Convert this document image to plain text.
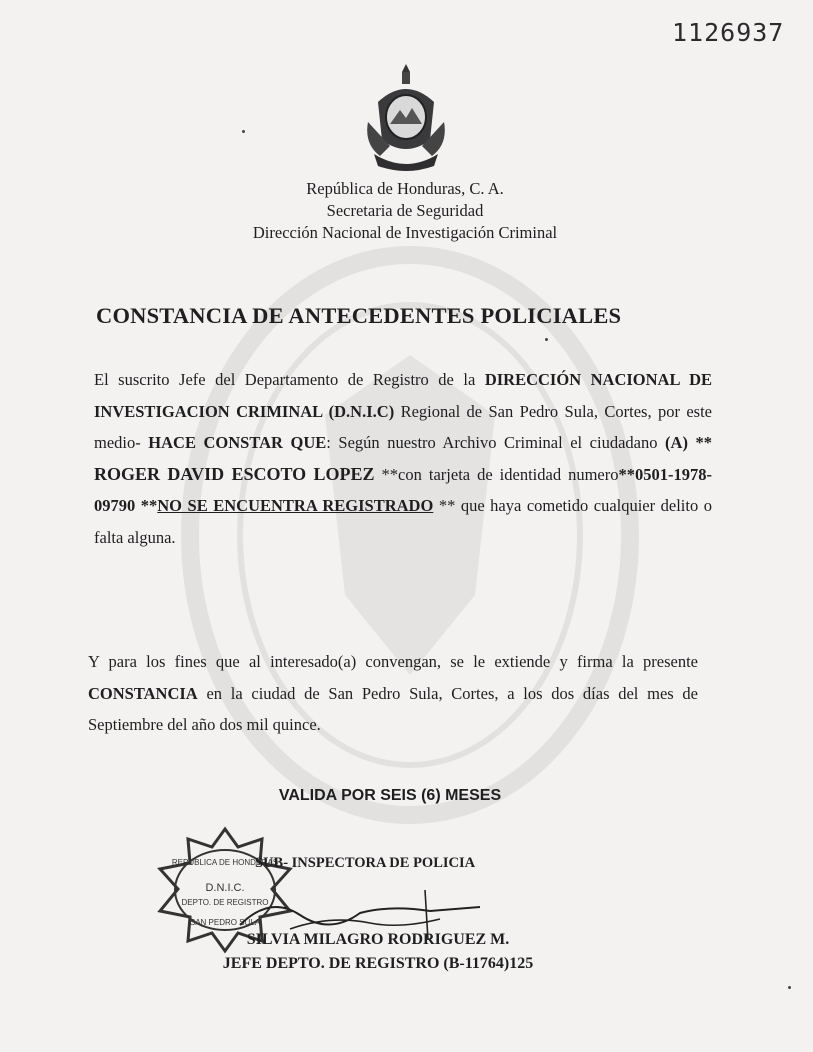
1126937
República de Honduras, C. A.
Secretaria de Seguridad
Dirección Nacional de Investigación Criminal
CONSTANCIA DE ANTECEDENTES POLICIALES
El suscrito Jefe del Departamento de Registro de la DIRECCIÓN NACIONAL DE INVESTIGACION CRIMINAL (D.N.I.C) Regional de San Pedro Sula, Cortes, por este medio- HACE CONSTAR QUE: Según nuestro Archivo Criminal el ciudadano (A) ** ROGER DAVID ESCOTO LOPEZ **con tarjeta de identidad numero**0501-1978-09790 **NO SE ENCUENTRA REGISTRADO ** que haya cometido cualquier delito o falta alguna.
Y para los fines que al interesado(a) convengan, se le extiende y firma la presente CONSTANCIA en la ciudad de San Pedro Sula, Cortes, a los dos días del mes de Septiembre del año dos mil quince.
VALIDA POR SEIS (6) MESES
REPUBLICA DE HONDURAS
D.N.I.C.
DEPTO. DE REGISTRO
SAN PEDRO SULA
SUB- INSPECTORA DE POLICIA
SILVIA MILAGRO RODRIGUEZ M.
JEFE DEPTO. DE REGISTRO (B-11764)125
